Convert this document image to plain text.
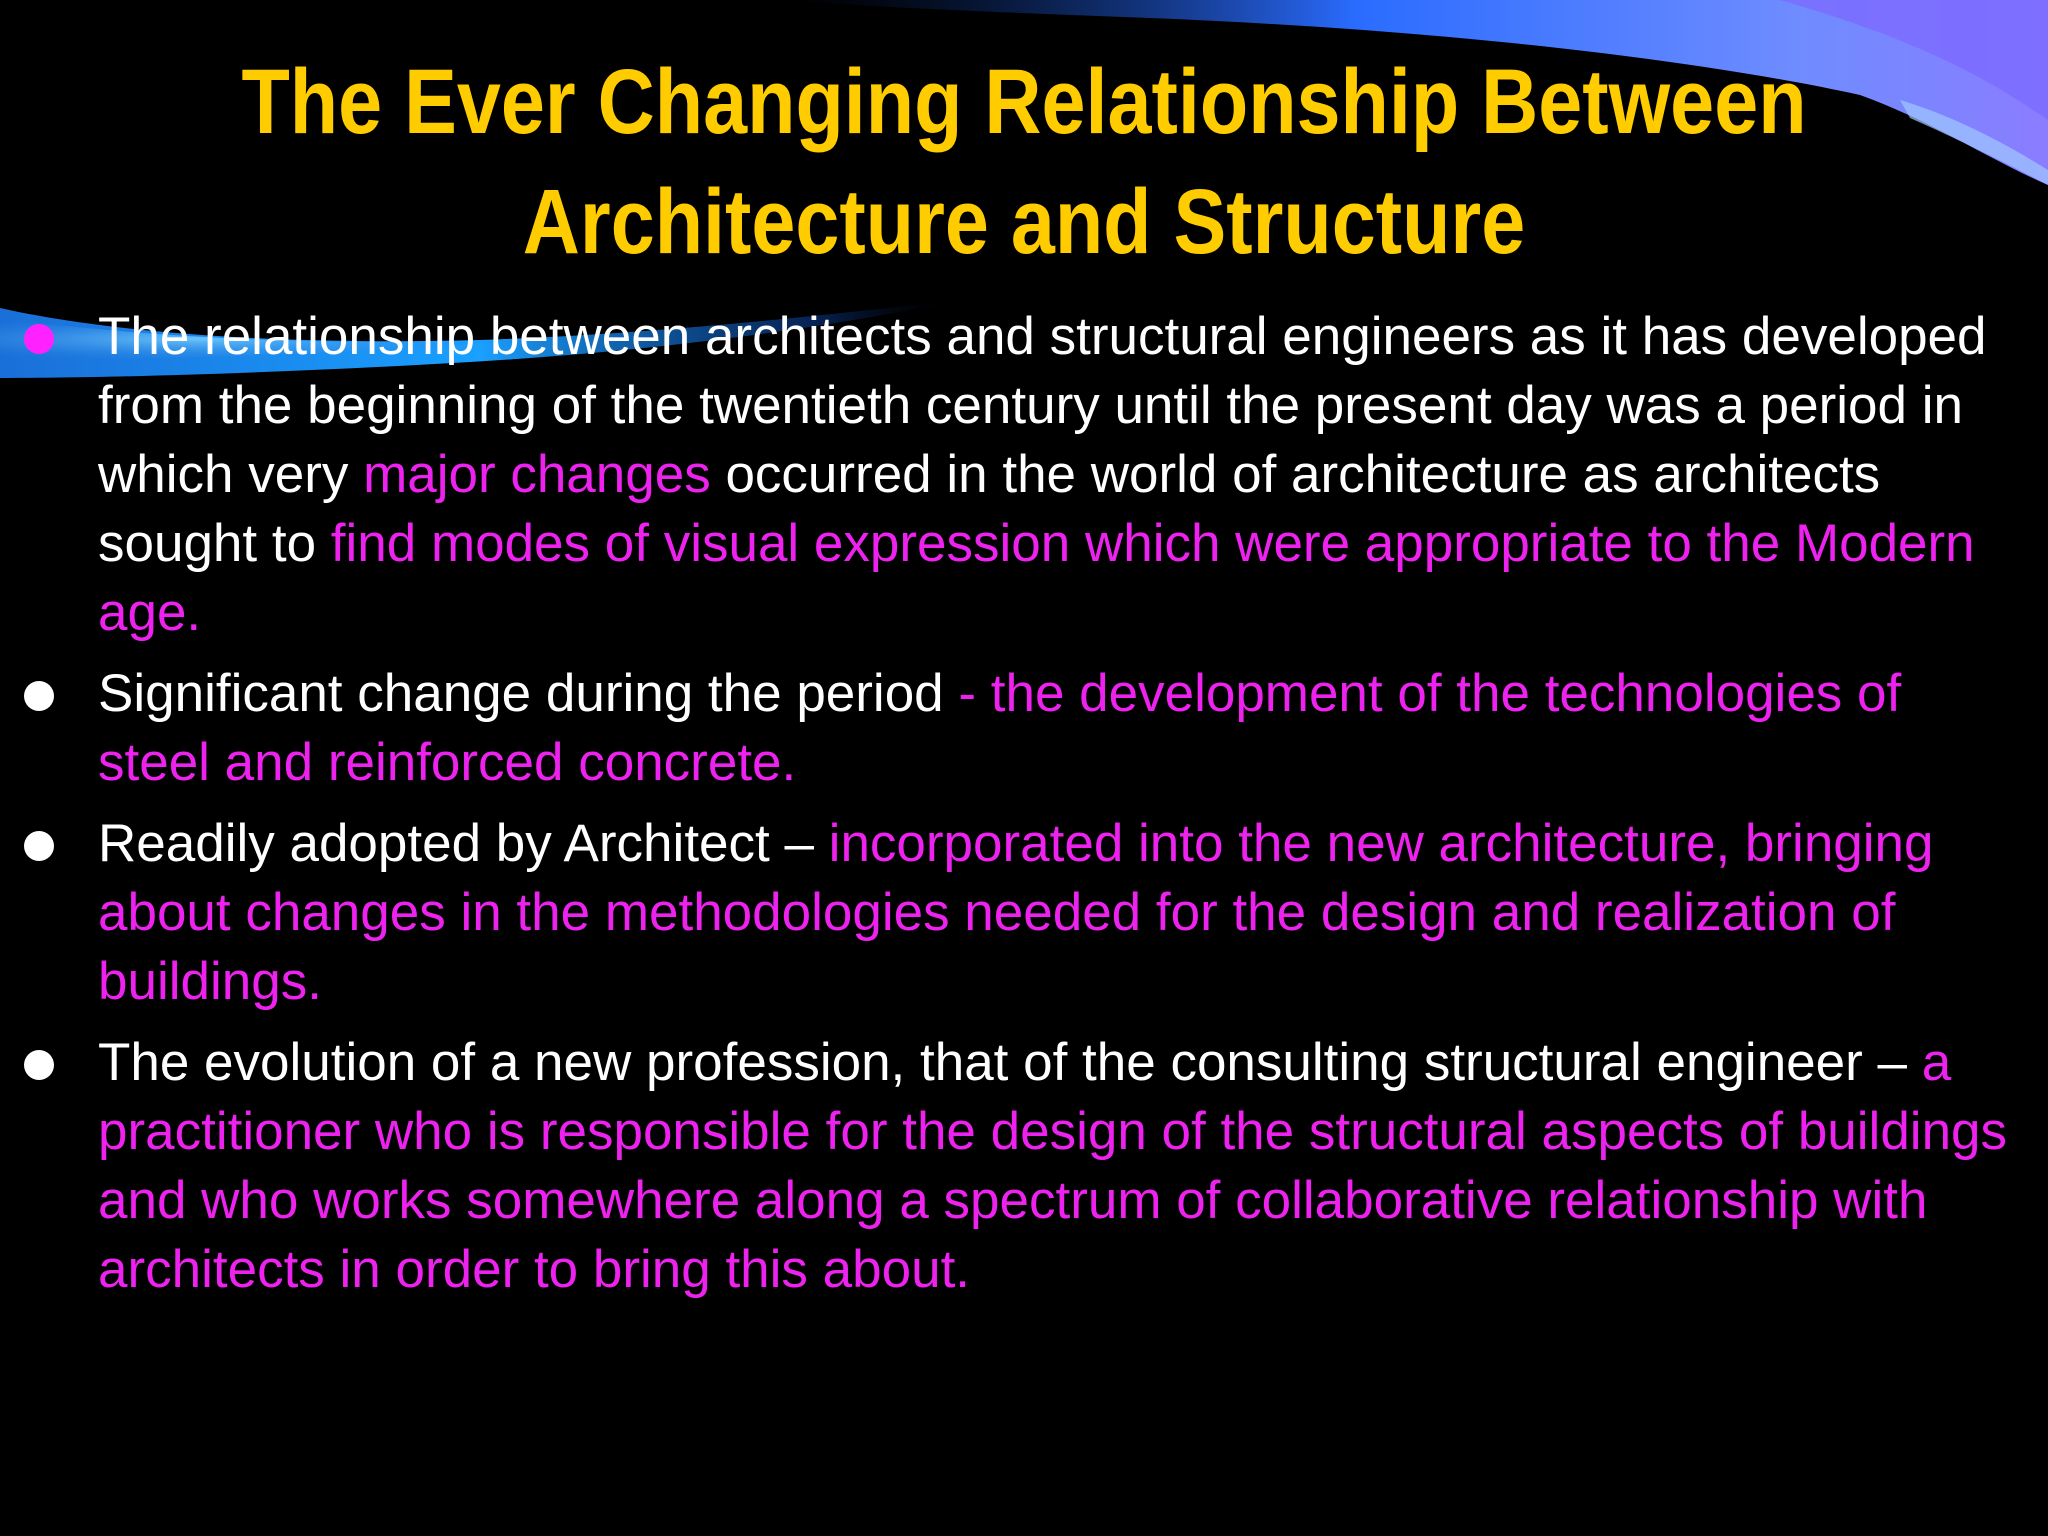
The Ever Changing Relationship Between
Architecture and Structure
The relationship between architects and structural engineers as it has developed from the beginning of the twentieth century until the present day was a period in which very major changes occurred in the world of architecture as architects sought to find modes of visual expression which were appropriate to the Modern age.
Significant change during the period - the development of the technologies of steel and reinforced concrete.
Readily adopted by Architect – incorporated into the new architecture, bringing about changes in the methodologies needed for the design and realization of buildings.
The evolution of a new profession, that of the consulting structural engineer – a practitioner who is responsible for the design of the structural aspects of buildings and who works somewhere along a spectrum of collaborative relationship with architects in order to bring this about.
